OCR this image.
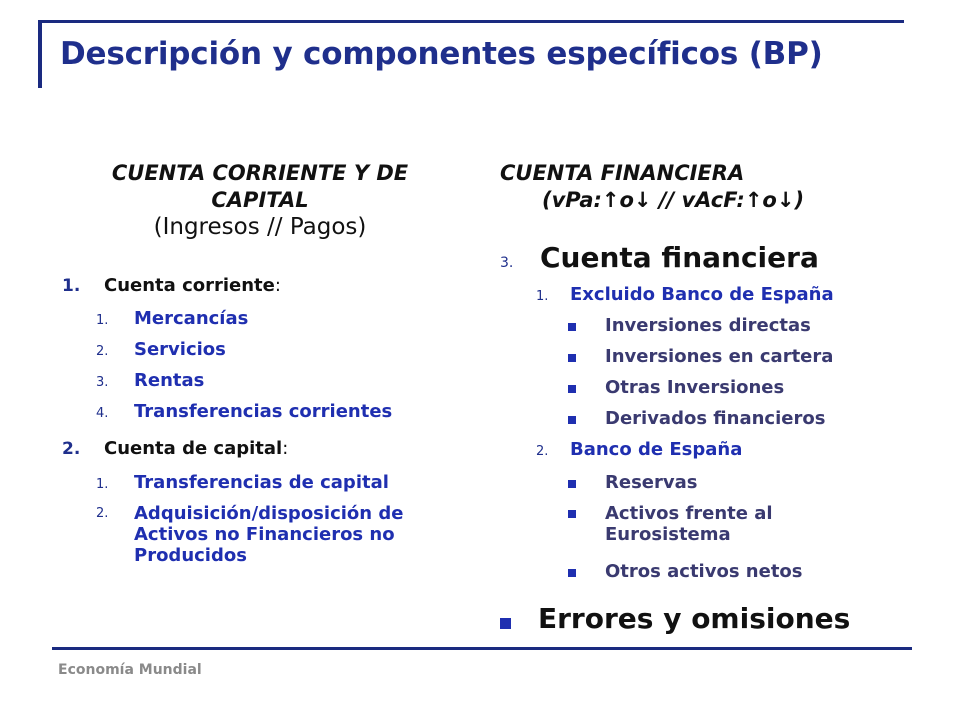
Descripción y componentes específicos (BP)
CUENTA CORRIENTE Y DE
CAPITAL
(Ingresos // Pagos)
1. Cuenta corriente:
1. Mercancías
2. Servicios
3. Rentas
4. Transferencias corrientes
2. Cuenta de capital:
1. Transferencias de capital
2.	Adquisición/disposición de Activos no Financieros no Producidos
CUENTA FINANCIERA
(vPa:↑o↓ // vAcF:↑o↓)
3. Cuenta financiera
1. Excluido Banco de España
Inversiones directas
Inversiones en cartera
Otras Inversiones
Derivados financieros
2. Banco de España
Reservas
Activos frente al Eurosistema
Otros activos netos
Errores y omisiones
Economía Mundial
